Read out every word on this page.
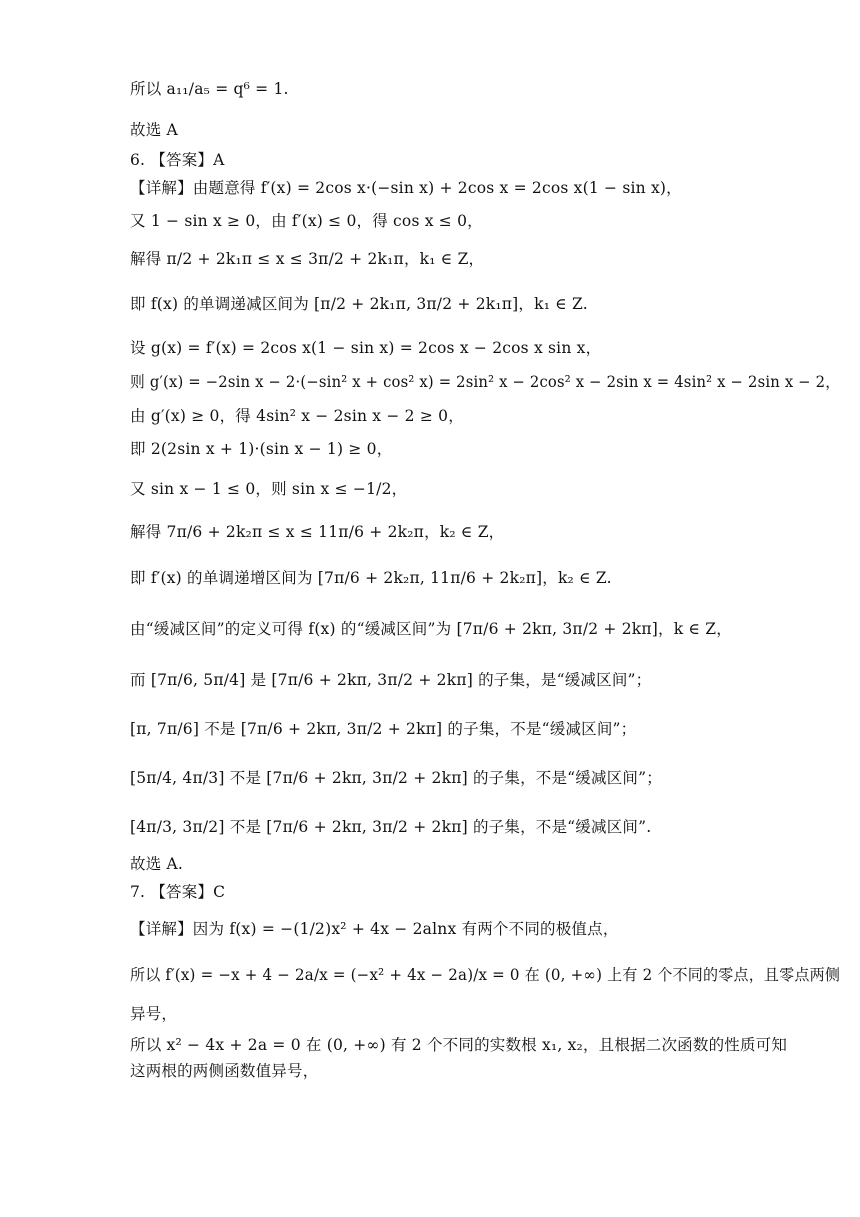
所以 a₁₁/a₅ = q⁶ = 1.
故选 A
6. 【答案】A
【详解】由题意得 f′(x) = 2cos x·(−sin x) + 2cos x = 2cos x(1 − sin x)，
又 1 − sin x ≥ 0，由 f′(x) ≤ 0，得 cos x ≤ 0，
解得 π/2 + 2k₁π ≤ x ≤ 3π/2 + 2k₁π，k₁ ∈ Z，
即 f(x) 的单调递减区间为 [π/2 + 2k₁π, 3π/2 + 2k₁π]，k₁ ∈ Z.
设 g(x) = f′(x) = 2cos x(1 − sin x) = 2cos x − 2cos x sin x，
则 g′(x) = −2sin x − 2·(−sin² x + cos² x) = 2sin² x − 2cos² x − 2sin x = 4sin² x − 2sin x − 2，
由 g′(x) ≥ 0，得 4sin² x − 2sin x − 2 ≥ 0，
即 2(2sin x + 1)·(sin x − 1) ≥ 0，
又 sin x − 1 ≤ 0，则 sin x ≤ −1/2，
解得 7π/6 + 2k₂π ≤ x ≤ 11π/6 + 2k₂π，k₂ ∈ Z，
即 f′(x) 的单调递增区间为 [7π/6 + 2k₂π, 11π/6 + 2k₂π]，k₂ ∈ Z.
由“缓减区间”的定义可得 f(x) 的“缓减区间”为 [7π/6 + 2kπ, 3π/2 + 2kπ]，k ∈ Z，
而 [7π/6, 5π/4] 是 [7π/6 + 2kπ, 3π/2 + 2kπ] 的子集，是“缓减区间”；
[π, 7π/6] 不是 [7π/6 + 2kπ, 3π/2 + 2kπ] 的子集，不是“缓减区间”；
[5π/4, 4π/3] 不是 [7π/6 + 2kπ, 3π/2 + 2kπ] 的子集，不是“缓减区间”；
[4π/3, 3π/2] 不是 [7π/6 + 2kπ, 3π/2 + 2kπ] 的子集，不是“缓减区间”.
故选 A.
7. 【答案】C
【详解】因为 f(x) = −(1/2)x² + 4x − 2alnx 有两个不同的极值点，
所以 f′(x) = −x + 4 − 2a/x = (−x² + 4x − 2a)/x = 0 在 (0, +∞) 上有 2 个不同的零点，且零点两侧
异号，
所以 x² − 4x + 2a = 0 在 (0, +∞) 有 2 个不同的实数根 x₁, x₂，且根据二次函数的性质可知
这两根的两侧函数值异号，
